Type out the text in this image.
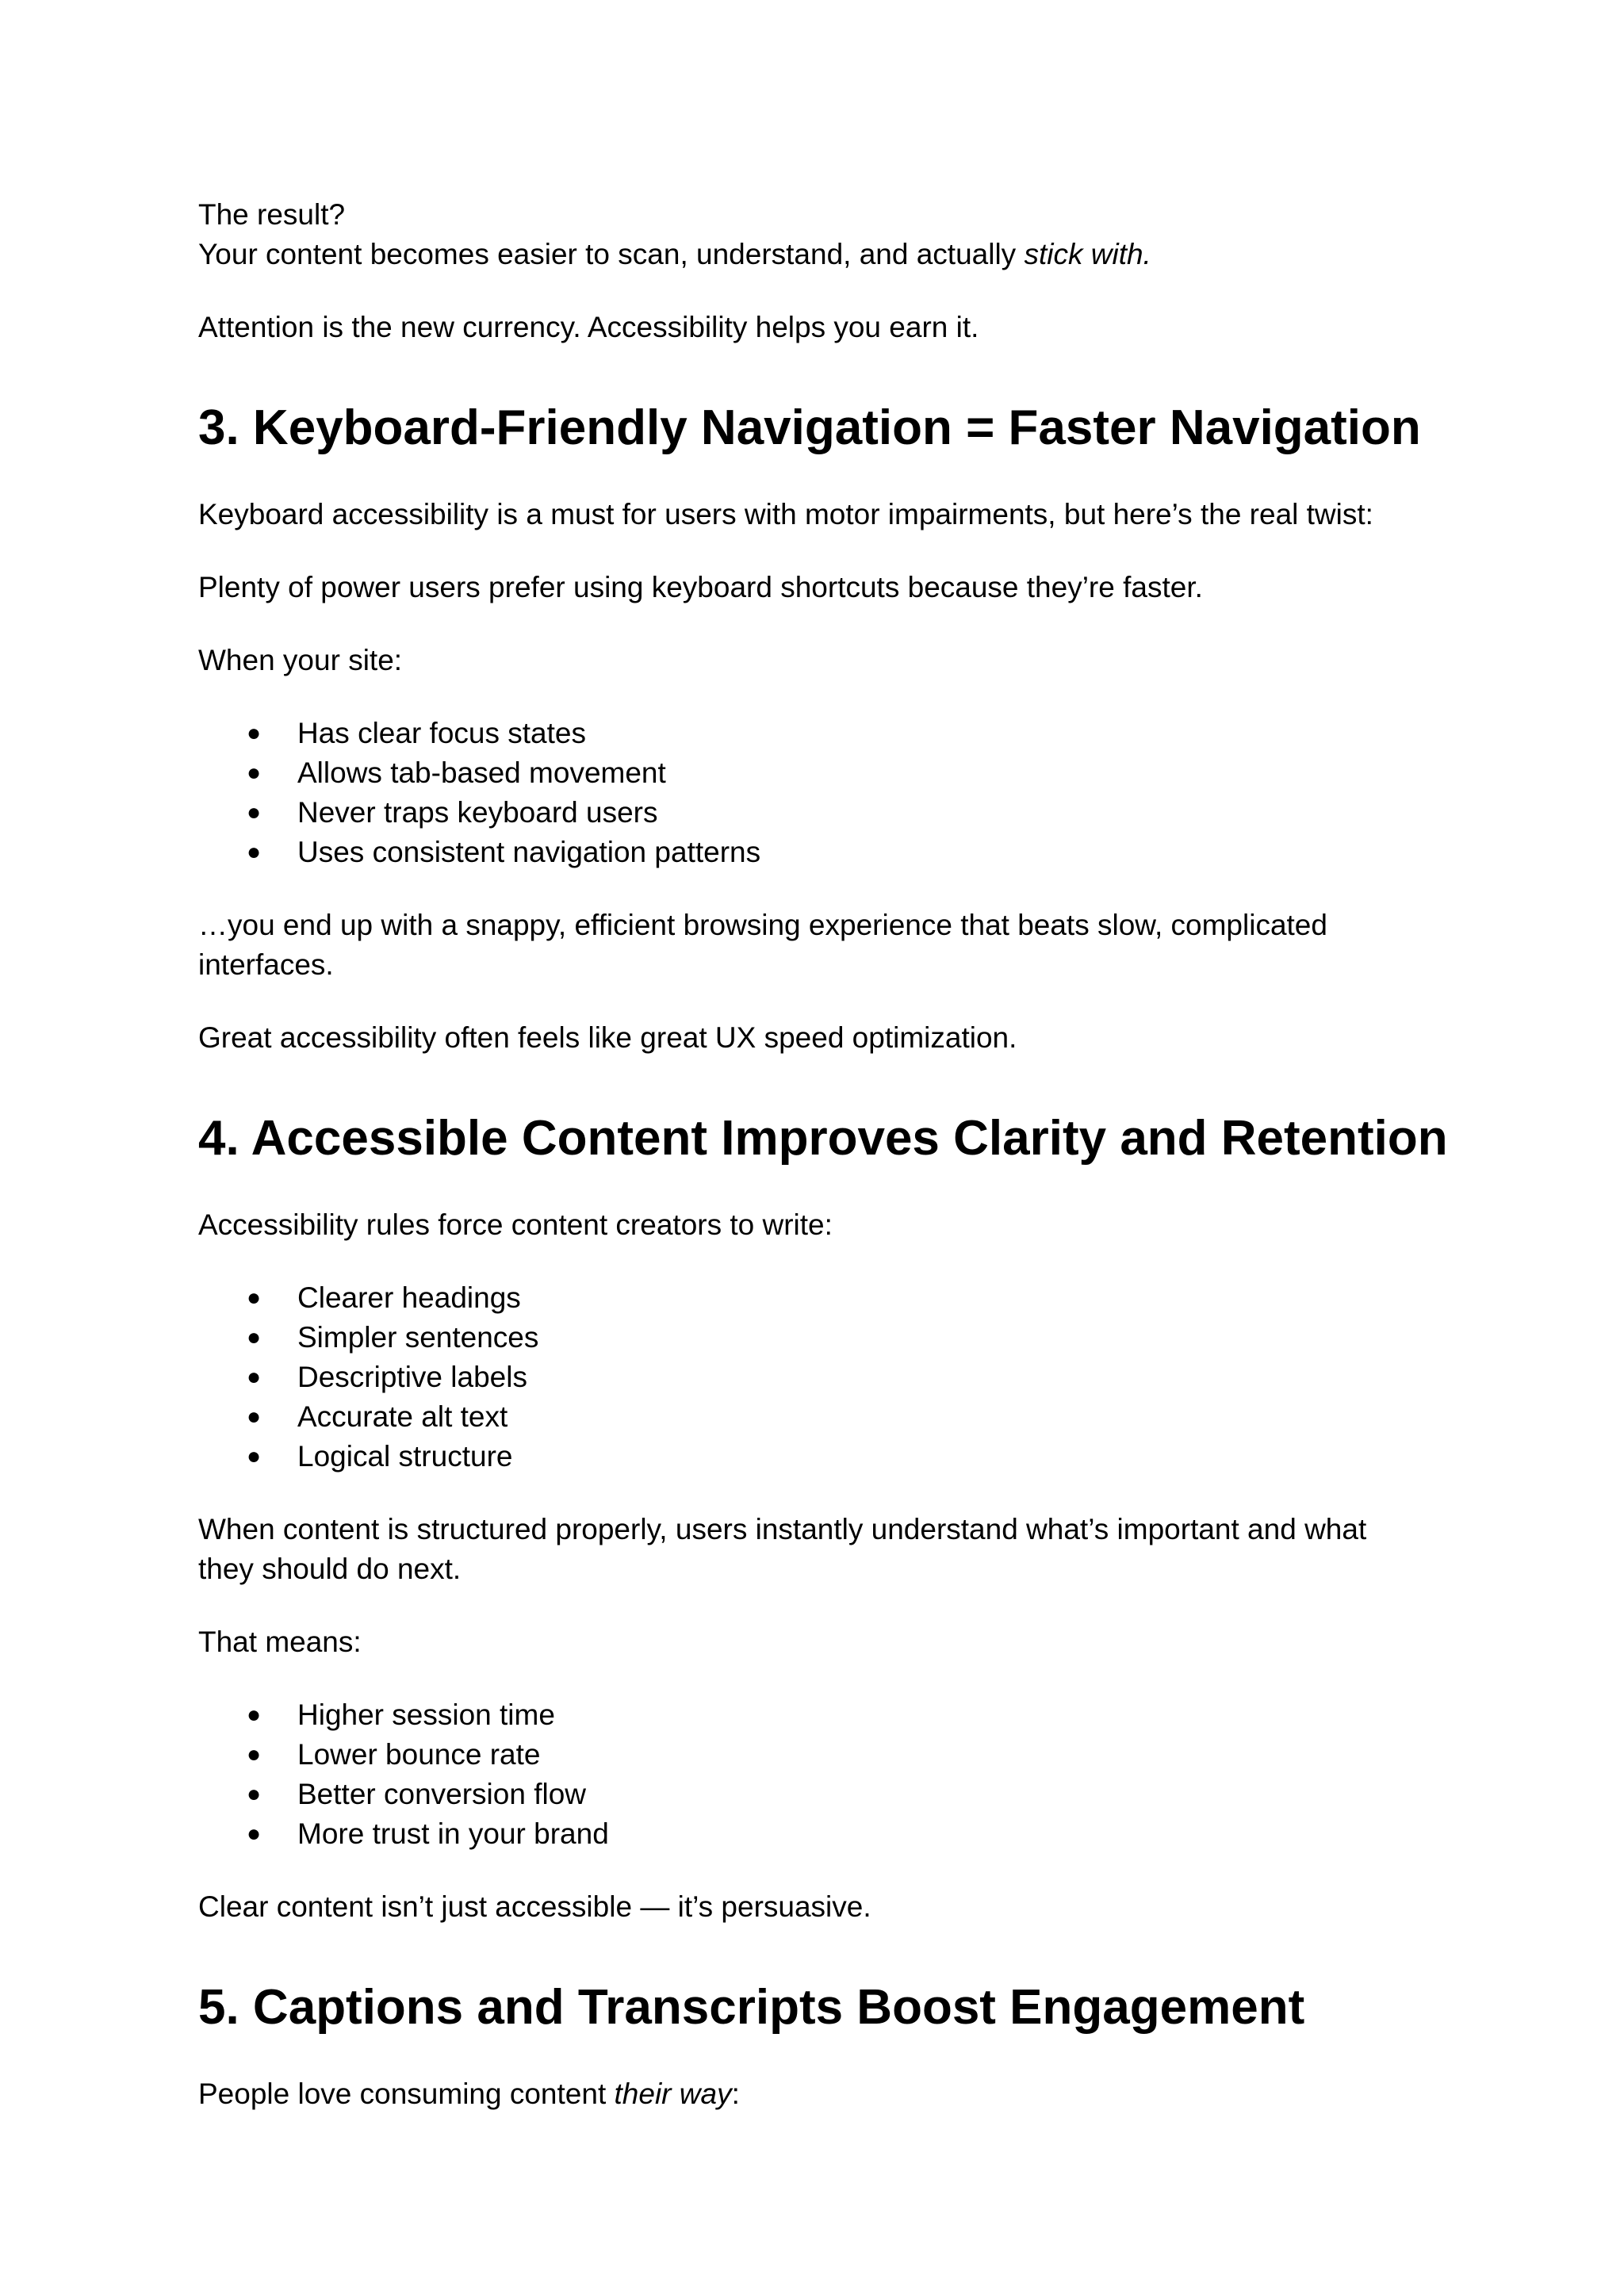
The result?

Your content becomes easier to scan, understand, and actually stick with.

Attention is the new currency. Accessibility helps you earn it.

3. Keyboard-Friendly Navigation = Faster Navigation

Keyboard accessibility is a must for users with motor impairments, but here’s the real twist:

Plenty of power users prefer using keyboard shortcuts because they’re faster.

When your site:

● Has clear focus states
● Allows tab-based movement
● Never traps keyboard users
● Uses consistent navigation patterns

…you end up with a snappy, efficient browsing experience that beats slow, complicated

interfaces.

Great accessibility often feels like great UX speed optimization.

4. Accessible Content Improves Clarity and Retention

Accessibility rules force content creators to write:

● Clearer headings
● Simpler sentences
● Descriptive labels
● Accurate alt text
● Logical structure

When content is structured properly, users instantly understand what’s important and what

they should do next.

That means:

● Higher session time
● Lower bounce rate
● Better conversion flow
● More trust in your brand

Clear content isn’t just accessible — it’s persuasive.

5. Captions and Transcripts Boost Engagement

People love consuming content their way:
